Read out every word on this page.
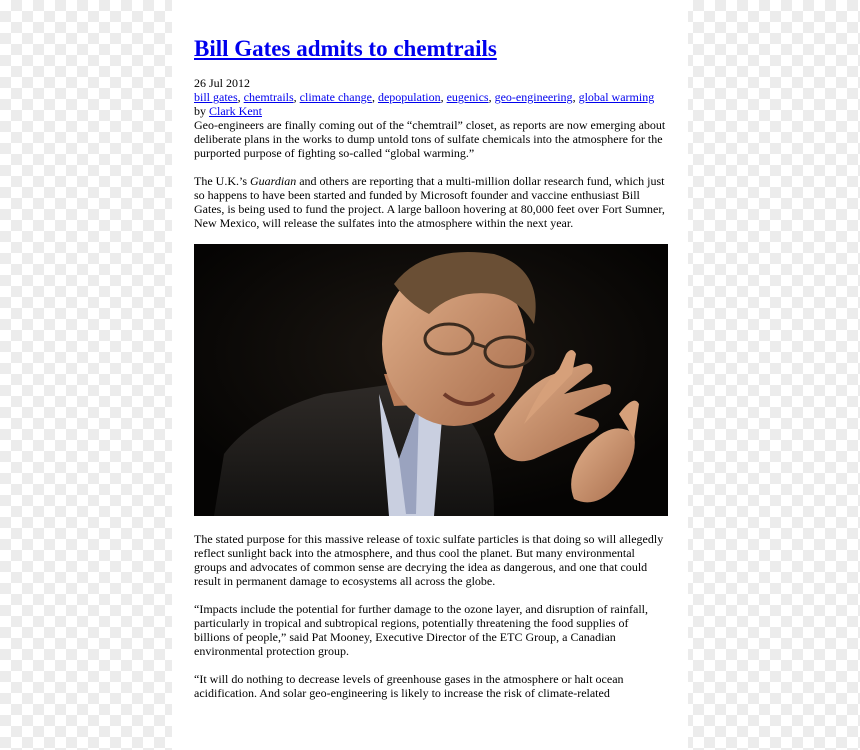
Bill Gates admits to chemtrails
26 Jul 2012
bill gates, chemtrails, climate change, depopulation, eugenics, geo-engineering, global warming
by Clark Kent

Geo-engineers are finally coming out of the “chemtrail” closet, as reports are now emerging about deliberate plans in the works to dump untold tons of sulfate chemicals into the atmosphere for the purported purpose of fighting so-called “global warming.”

The U.K.’s Guardian and others are reporting that a multi-million dollar research fund, which just so happens to have been started and funded by Microsoft founder and vaccine enthusiast Bill Gates, is being used to fund the project. A large balloon hovering at 80,000 feet over Fort Sumner, New Mexico, will release the sulfates into the atmosphere within the next year.

The stated purpose for this massive release of toxic sulfate particles is that doing so will allegedly reflect sunlight back into the atmosphere, and thus cool the planet. But many environmental groups and advocates of common sense are decrying the idea as dangerous, and one that could result in permanent damage to ecosystems all across the globe.

“Impacts include the potential for further damage to the ozone layer, and disruption of rainfall, particularly in tropical and subtropical regions, potentially threatening the food supplies of billions of people,” said Pat Mooney, Executive Director of the ETC Group, a Canadian environmental protection group.

“It will do nothing to decrease levels of greenhouse gases in the atmosphere or halt ocean acidification. And solar geo-engineering is likely to increase the risk of climate-related
